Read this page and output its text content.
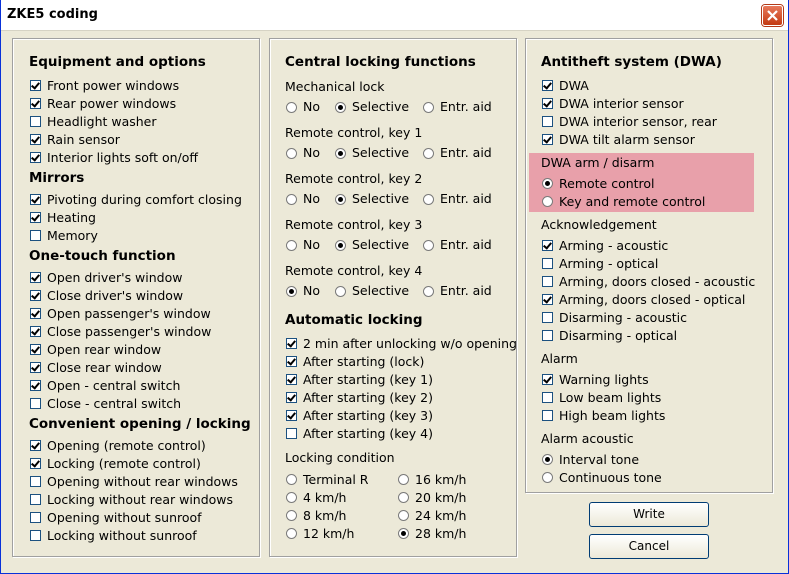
ZKE5 coding
Equipment and options
Front power windows
Rear power windows
Headlight washer
Rain sensor
Interior lights soft on/off
Mirrors
Pivoting during comfort closing
Heating
Memory
One-touch function
Open driver's window
Close driver's window
Open passenger's window
Close passenger's window
Open rear window
Close rear window
Open - central switch
Close - central switch
Convenient opening / locking
Opening (remote control)
Locking (remote control)
Opening without rear windows
Locking without rear windows
Opening without sunroof
Locking without sunroof
Central locking functions
Mechanical lock
No	Selective Entr. aid
Remote control, key 1
No	Selective Entr. aid
Remote control, key 2
No	Selective Entr. aid
Remote control, key 3
No	Selective Entr. aid
Remote control, key 4
No	Selective Entr. aid
Automatic locking
2 min after unlocking w/o opening
After starting (lock)
After starting (key 1)
After starting (key 2)
After starting (key 3)
After starting (key 4)
Locking condition
Terminal R
4 km/h
8 km/h
12 km/h
16 km/h
20 km/h
24 km/h
28 km/h
Antitheft system (DWA)
DWA
DWA interior sensor
DWA interior sensor, rear
DWA tilt alarm sensor
DWA arm / disarm
Remote control
Key and remote control
Acknowledgement
Arming - acoustic
Arming - optical
Arming, doors closed - acoustic
Arming, doors closed - optical
Disarming - acoustic
Disarming - optical
Alarm
Warning lights
Low beam lights
High beam lights
Alarm acoustic
Interval tone
Continuous tone
Write
Cancel
